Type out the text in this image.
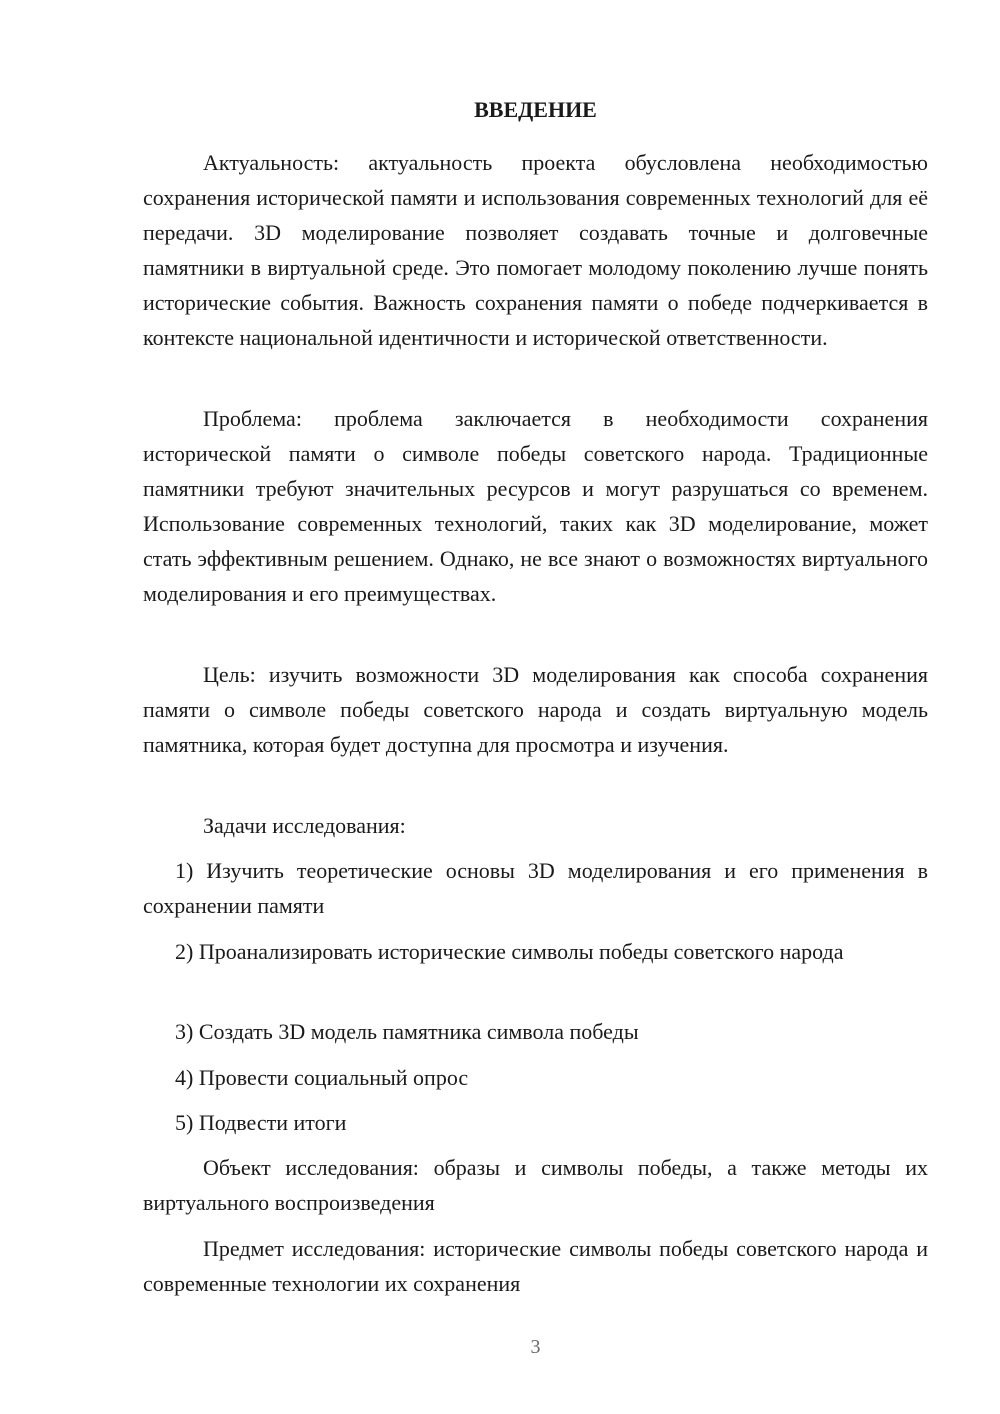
ВВЕДЕНИЕ

Актуальность: актуальность проекта обусловлена необходимостью сохранения исторической памяти и использования современных технологий для её передачи. 3D моделирование позволяет создавать точные и долговечные памятники в виртуальной среде. Это помогает молодому поколению лучше понять исторические события. Важность сохранения памяти о победе подчеркивается в контексте национальной идентичности и исторической ответственности.

Проблема: проблема заключается в необходимости сохранения исторической памяти о символе победы советского народа. Традиционные памятники требуют значительных ресурсов и могут разрушаться со временем. Использование современных технологий, таких как 3D моделирование, может стать эффективным решением. Однако, не все знают о возможностях виртуального моделирования и его преимуществах.

Цель: изучить возможности 3D моделирования как способа сохранения памяти о символе победы советского народа и создать виртуальную модель памятника, которая будет доступна для просмотра и изучения.

Задачи исследования:

1) Изучить теоретические основы 3D моделирования и его применения в сохранении памяти

2) Проанализировать исторические символы победы советского народа

3) Создать 3D модель памятника символа победы

4) Провести социальный опрос

5) Подвести итоги

Объект исследования: образы и символы победы, а также методы их виртуального воспроизведения

Предмет исследования: исторические символы победы советского народа и современные технологии их сохранения

3
